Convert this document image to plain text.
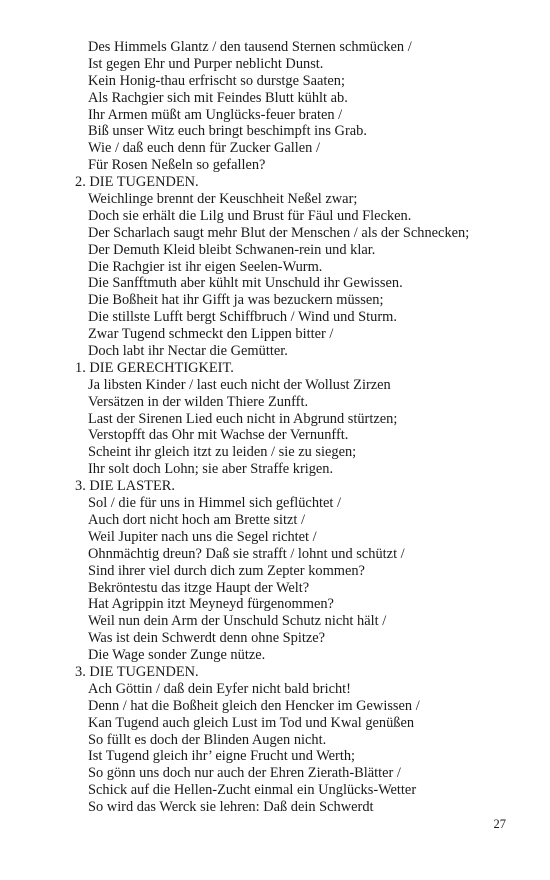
Des Himmels Glantz / den tausend Sternen schmücken /
Ist gegen Ehr und Purper neblicht Dunst.
Kein Honig-thau erfrischt so durstge Saaten;
Als Rachgier sich mit Feindes Blutt kühlt ab.
Ihr Armen müßt am Unglücks-feuer braten /
Biß unser Witz euch bringt beschimpft ins Grab.
Wie / daß euch denn für Zucker Gallen /
Für Rosen Neßeln so gefallen?
2. DIE TUGENDEN.
Weichlinge brennt der Keuschheit Neßel zwar;
Doch sie erhält die Lilg und Brust für Fäul und Flecken.
Der Scharlach saugt mehr Blut der Menschen / als der Schnecken;
Der Demuth Kleid bleibt Schwanen-rein und klar.
Die Rachgier ist ihr eigen Seelen-Wurm.
Die Sanfftmuth aber kühlt mit Unschuld ihr Gewissen.
Die Boßheit hat ihr Gifft ja was bezuckern müssen;
Die stillste Lufft bergt Schiffbruch / Wind und Sturm.
Zwar Tugend schmeckt den Lippen bitter /
Doch labt ihr Nectar die Gemütter.
1. DIE GERECHTIGKEIT.
Ja libsten Kinder / last euch nicht der Wollust Zirzen
Versätzen in der wilden Thiere Zunfft.
Last der Sirenen Lied euch nicht in Abgrund stürtzen;
Verstopfft das Ohr mit Wachse der Vernunfft.
Scheint ihr gleich itzt zu leiden / sie zu siegen;
Ihr solt doch Lohn; sie aber Straffe krigen.
3. DIE LASTER.
Sol / die für uns in Himmel sich geflüchtet /
Auch dort nicht hoch am Brette sitzt /
Weil Jupiter nach uns die Segel richtet /
Ohnmächtig dreun? Daß sie strafft / lohnt und schützt /
Sind ihrer viel durch dich zum Zepter kommen?
Bekröntestu das itzge Haupt der Welt?
Hat Agrippin itzt Meyneyd fürgenommen?
Weil nun dein Arm der Unschuld Schutz nicht hält /
Was ist dein Schwerdt denn ohne Spitze?
Die Wage sonder Zunge nütze.
3. DIE TUGENDEN.
Ach Göttin / daß dein Eyfer nicht bald bricht!
Denn / hat die Boßheit gleich den Hencker im Gewissen /
Kan Tugend auch gleich Lust im Tod und Kwal genüßen
So füllt es doch der Blinden Augen nicht.
Ist Tugend gleich ihr’ eigne Frucht und Werth;
So gönn uns doch nur auch der Ehren Zierath-Blätter /
Schick auf die Hellen-Zucht einmal ein Unglücks-Wetter
So wird das Werck sie lehren: Daß dein Schwerdt
27
